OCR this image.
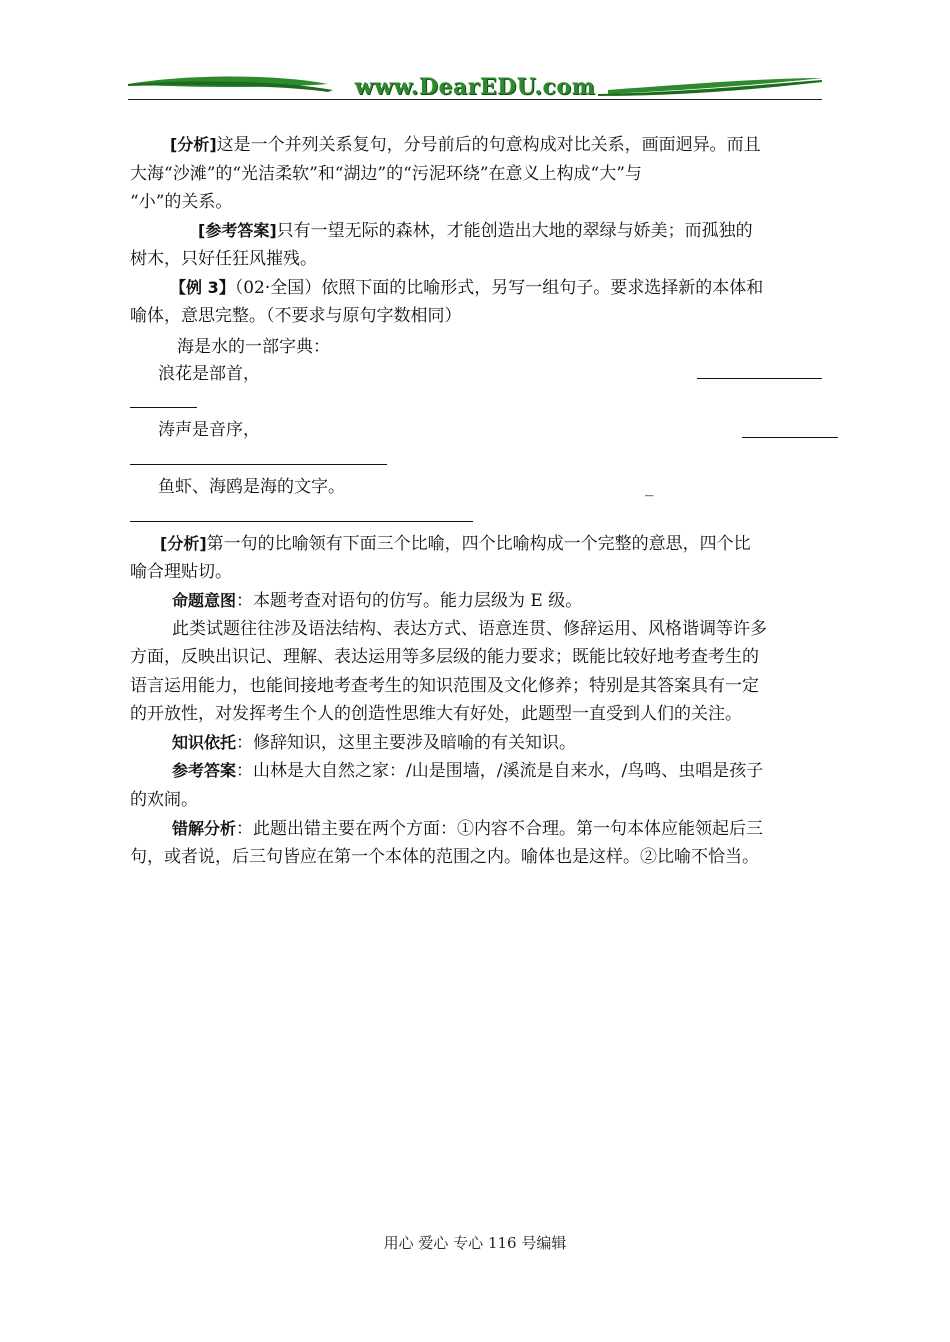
www.DearEDU.com
[分析]这是一个并列关系复句，分号前后的句意构成对比关系，画面迥异。而且
大海“沙滩”的“光洁柔软”和“湖边”的“污泥环绕”在意义上构成“大”与
“小”的关系。
[参考答案]只有一望无际的森林，才能创造出大地的翠绿与娇美；而孤独的
树木，只好任狂风摧残。
【例 3】（02·全国）依照下面的比喻形式，另写一组句子。要求选择新的本体和
喻体，意思完整。（不要求与原句字数相同）
海是水的一部字典：
浪花是部首，
涛声是音序，
鱼虾、海鸥是海的文字。	_
[分析]第一句的比喻领有下面三个比喻，四个比喻构成一个完整的意思，四个比
喻合理贴切。
命题意图：本题考查对语句的仿写。能力层级为 E 级。
此类试题往往涉及语法结构、表达方式、语意连贯、修辞运用、风格谐调等许多
方面，反映出识记、理解、表达运用等多层级的能力要求；既能比较好地考查考生的
语言运用能力，也能间接地考查考生的知识范围及文化修养；特别是其答案具有一定
的开放性，对发挥考生个人的创造性思维大有好处，此题型一直受到人们的关注。
知识依托：修辞知识，这里主要涉及暗喻的有关知识。
参考答案：山林是大自然之家：/山是围墙，/溪流是自来水，/鸟鸣、虫唱是孩子
的欢闹。
错解分析：此题出错主要在两个方面：①内容不合理。第一句本体应能领起后三
句，或者说，后三句皆应在第一个本体的范围之内。喻体也是这样。②比喻不恰当。
用心 爱心 专心 116 号编辑
